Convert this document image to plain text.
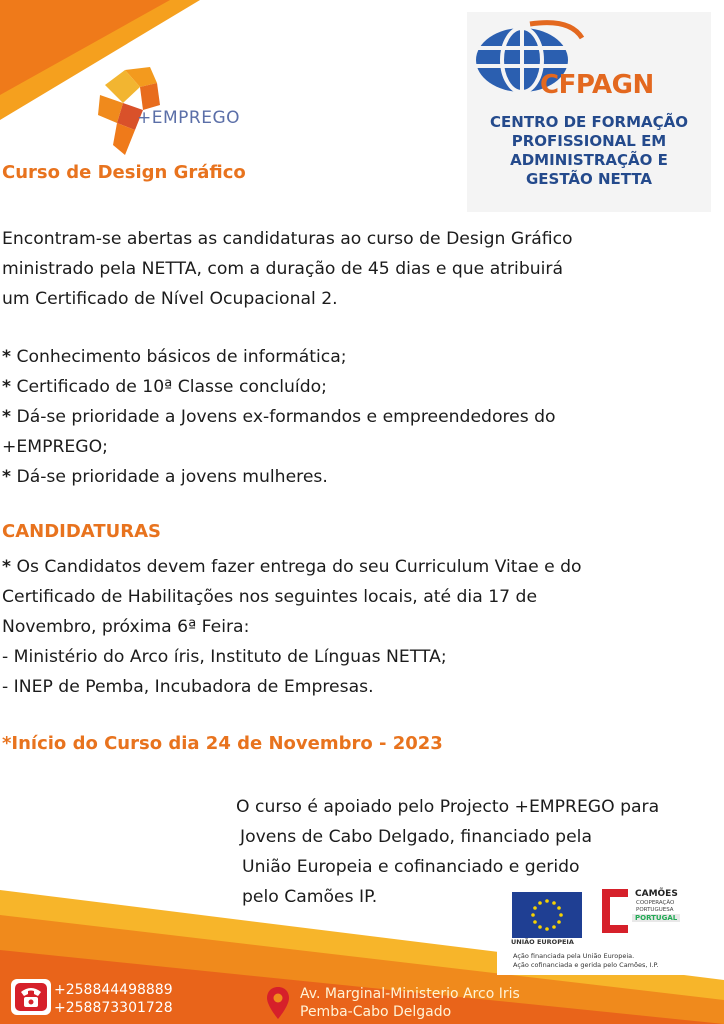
+EMPREGO
CFPAGN
CENTRO DE FORMAÇÃO
PROFISSIONAL EM
ADMINISTRAÇÃO E
GESTÃO NETTA
Curso de Design Gráfico
Encontram-se abertas as candidaturas ao curso de Design Gráfico
ministrado pela NETTA, com a duração de 45 dias e que atribuirá
um Certificado de Nível Ocupacional 2.
* Conhecimento básicos de informática;
* Certificado de 10ª Classe concluído;
* Dá-se prioridade a Jovens ex-formandos e empreendedores do
+EMPREGO;
* Dá-se prioridade a jovens mulheres.
CANDIDATURAS
* Os Candidatos devem fazer entrega do seu Curriculum Vitae e do
Certificado de Habilitações nos seguintes locais, até dia 17 de
Novembro, próxima 6ª Feira:
- Ministério do Arco íris, Instituto de Línguas NETTA;
- INEP de Pemba, Incubadora de Empresas.
*Início do Curso dia 24 de Novembro - 2023
O curso é apoiado pelo Projecto +EMPREGO para
Jovens de Cabo Delgado, financiado pela
União Europeia e cofinanciado e gerido
pelo Camões IP.
UNIÃO EUROPEIA
CAMÕES
COOPERAÇÃO
PORTUGUESA
PORTUGAL
Ação financiada pela União Europeia.
Ação cofinanciada e gerida pelo Camões, I.P.
+258844498889
+258873301728
Av. Marginal-Ministerio Arco Iris
Pemba-Cabo Delgado
